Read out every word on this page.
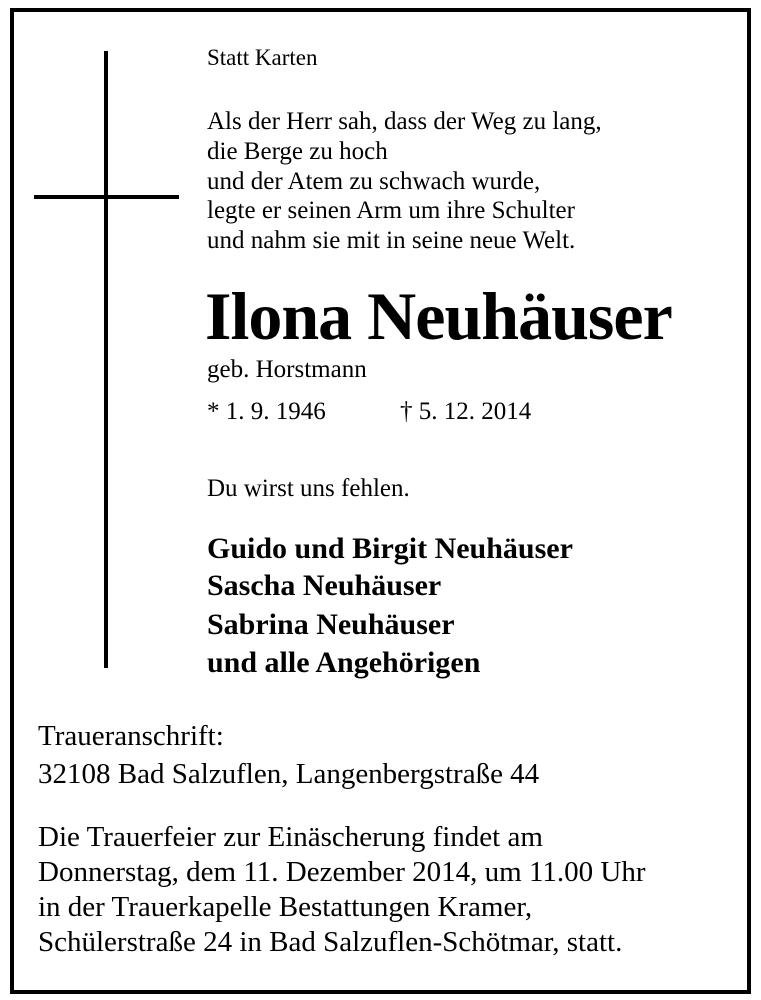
Statt Karten
Als der Herr sah, dass der Weg zu lang,
die Berge zu hoch
und der Atem zu schwach wurde,
legte er seinen Arm um ihre Schulter
und nahm sie mit in seine neue Welt.
Ilona Neuhäuser
geb. Horstmann
* 1. 9. 1946	† 5. 12. 2014
Du wirst uns fehlen.
Guido und Birgit Neuhäuser
Sascha Neuhäuser
Sabrina Neuhäuser
und alle Angehörigen
Traueranschrift:
32108 Bad Salzuflen, Langenbergstraße 44
Die Trauerfeier zur Einäscherung findet am
Donnerstag, dem 11. Dezember 2014, um 11.00 Uhr
in der Trauerkapelle Bestattungen Kramer,
Schülerstraße 24 in Bad Salzuflen-Schötmar, statt.
